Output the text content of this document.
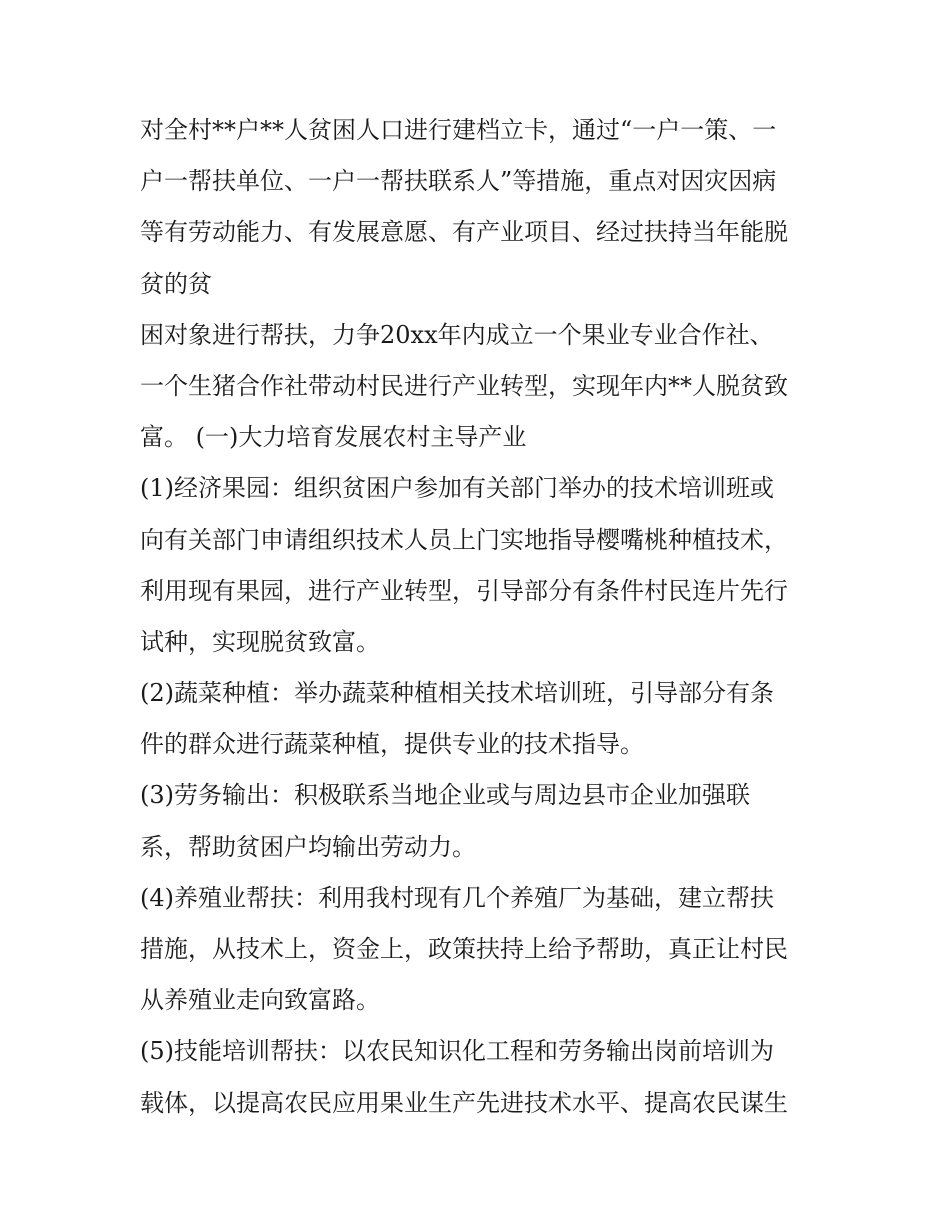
对全村**户**人贫困人口进行建档立卡，通过“一户一策、一
户一帮扶单位、一户一帮扶联系人”等措施，重点对因灾因病
等有劳动能力、有发展意愿、有产业项目、经过扶持当年能脱
贫的贫
困对象进行帮扶，力争20xx年内成立一个果业专业合作社、
一个生猪合作社带动村民进行产业转型，实现年内**人脱贫致
富。 (一)大力培育发展农村主导产业
(1)经济果园：组织贫困户参加有关部门举办的技术培训班或
向有关部门申请组织技术人员上门实地指导樱嘴桃种植技术，
利用现有果园，进行产业转型，引导部分有条件村民连片先行
试种，实现脱贫致富。
(2)蔬菜种植：举办蔬菜种植相关技术培训班，引导部分有条
件的群众进行蔬菜种植，提供专业的技术指导。
(3)劳务输出：积极联系当地企业或与周边县市企业加强联
系，帮助贫困户均输出劳动力。
(4)养殖业帮扶：利用我村现有几个养殖厂为基础，建立帮扶
措施，从技术上，资金上，政策扶持上给予帮助，真正让村民
从养殖业走向致富路。
(5)技能培训帮扶：以农民知识化工程和劳务输出岗前培训为
载体，以提高农民应用果业生产先进技术水平、提高农民谋生
